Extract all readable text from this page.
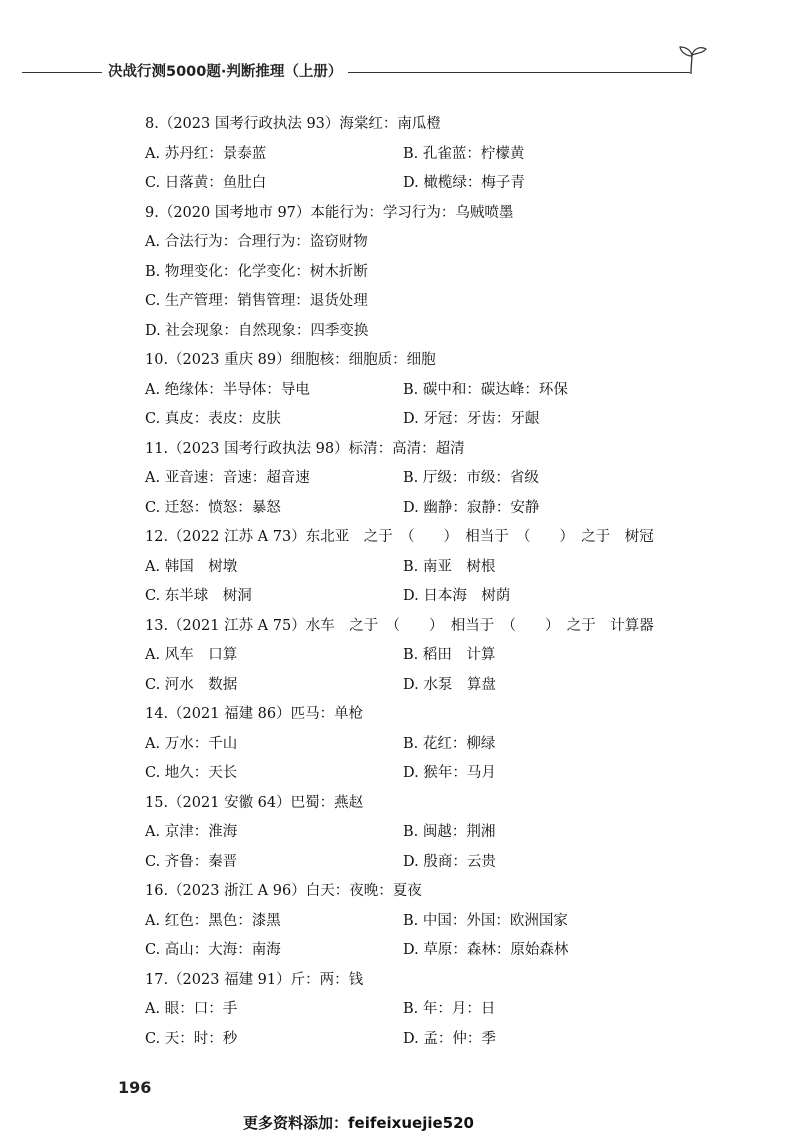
决战行测5000题·判断推理（上册）
8.（2023 国考行政执法 93）海棠红：南瓜橙
A. 苏丹红：景泰蓝	B. 孔雀蓝：柠檬黄
C. 日落黄：鱼肚白	D. 橄榄绿：梅子青
9.（2020 国考地市 97）本能行为：学习行为：乌贼喷墨
A. 合法行为：合理行为：盗窃财物
B. 物理变化：化学变化：树木折断
C. 生产管理：销售管理：退货处理
D. 社会现象：自然现象：四季变换
10.（2023 重庆 89）细胞核：细胞质：细胞
A. 绝缘体：半导体：导电	B. 碳中和：碳达峰：环保
C. 真皮：表皮：皮肤	D. 牙冠：牙齿：牙龈
11.（2023 国考行政执法 98）标清：高清：超清
A. 亚音速：音速：超音速	B. 厅级：市级：省级
C. 迁怒：愤怒：暴怒	D. 幽静：寂静：安静
12.（2022 江苏 A 73）东北亚　之于　（　　）　相当于　（　　）　之于　树冠
A. 韩国　树墩	B. 南亚　树根
C. 东半球　树洞	D. 日本海　树荫
13.（2021 江苏 A 75）水车　之于　（　　）　相当于　（　　）　之于　计算器
A. 风车　口算	B. 稻田　计算
C. 河水　数据	D. 水泵　算盘
14.（2021 福建 86）匹马：单枪
A. 万水：千山	B. 花红：柳绿
C. 地久：天长	D. 猴年：马月
15.（2021 安徽 64）巴蜀：燕赵
A. 京津：淮海	B. 闽越：荆湘
C. 齐鲁：秦晋	D. 殷商：云贵
16.（2023 浙江 A 96）白天：夜晚：夏夜
A. 红色：黑色：漆黑	B. 中国：外国：欧洲国家
C. 高山：大海：南海	D. 草原：森林：原始森林
17.（2023 福建 91）斤：两：钱
A. 眼：口：手	B. 年：月：日
C. 天：时：秒	D. 孟：仲：季
196
更多资料添加：feifeixuejie520
